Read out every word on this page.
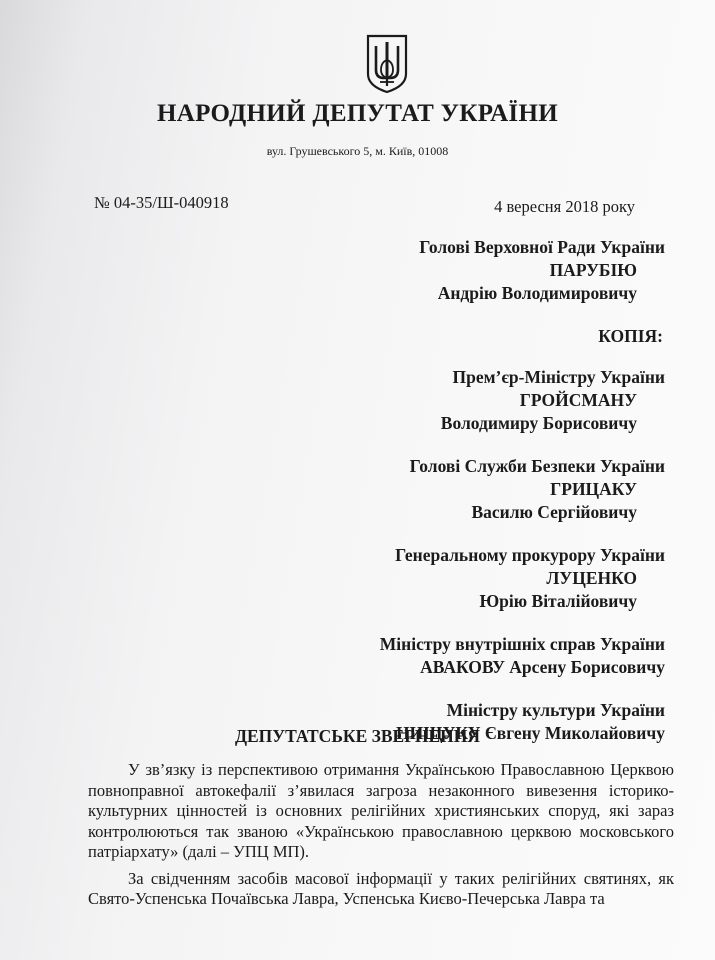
НАРОДНИЙ ДЕПУТАТ УКРАЇНИ
вул. Грушевського 5, м. Київ, 01008
№ 04-35/Ш-040918	4 вересня 2018 року
Голові Верховної Ради України
ПАРУБІЮ
Андрію Володимировичу
КОПІЯ:
Прем’єр-Міністру України
ГРОЙСМАНУ
Володимиру Борисовичу
Голові Служби Безпеки України
ГРИЦАКУ
Василю Сергійовичу
Генеральному прокурору України
ЛУЦЕНКО
Юрію Віталійовичу
Міністру внутрішніх справ України
АВАКОВУ Арсену Борисовичу
Міністру культури України
НИЩУКУ Євгену Миколайовичу
ДЕПУТАТСЬКЕ ЗВЕРНЕННЯ

У зв’язку із перспективою отримання Українською Православною Церквою повноправної автокефалії з’явилася загроза незаконного вивезення історико-культурних цінностей із основних релігійних християнських споруд, які зараз контролюються так званою «Українською православною церквою московського патріархату» (далі – УПЦ МП).

За свідченням засобів масової інформації у таких релігійних святинях, як Свято-Успенська Почаївська Лавра, Успенська Києво-Печерська Лавра та
